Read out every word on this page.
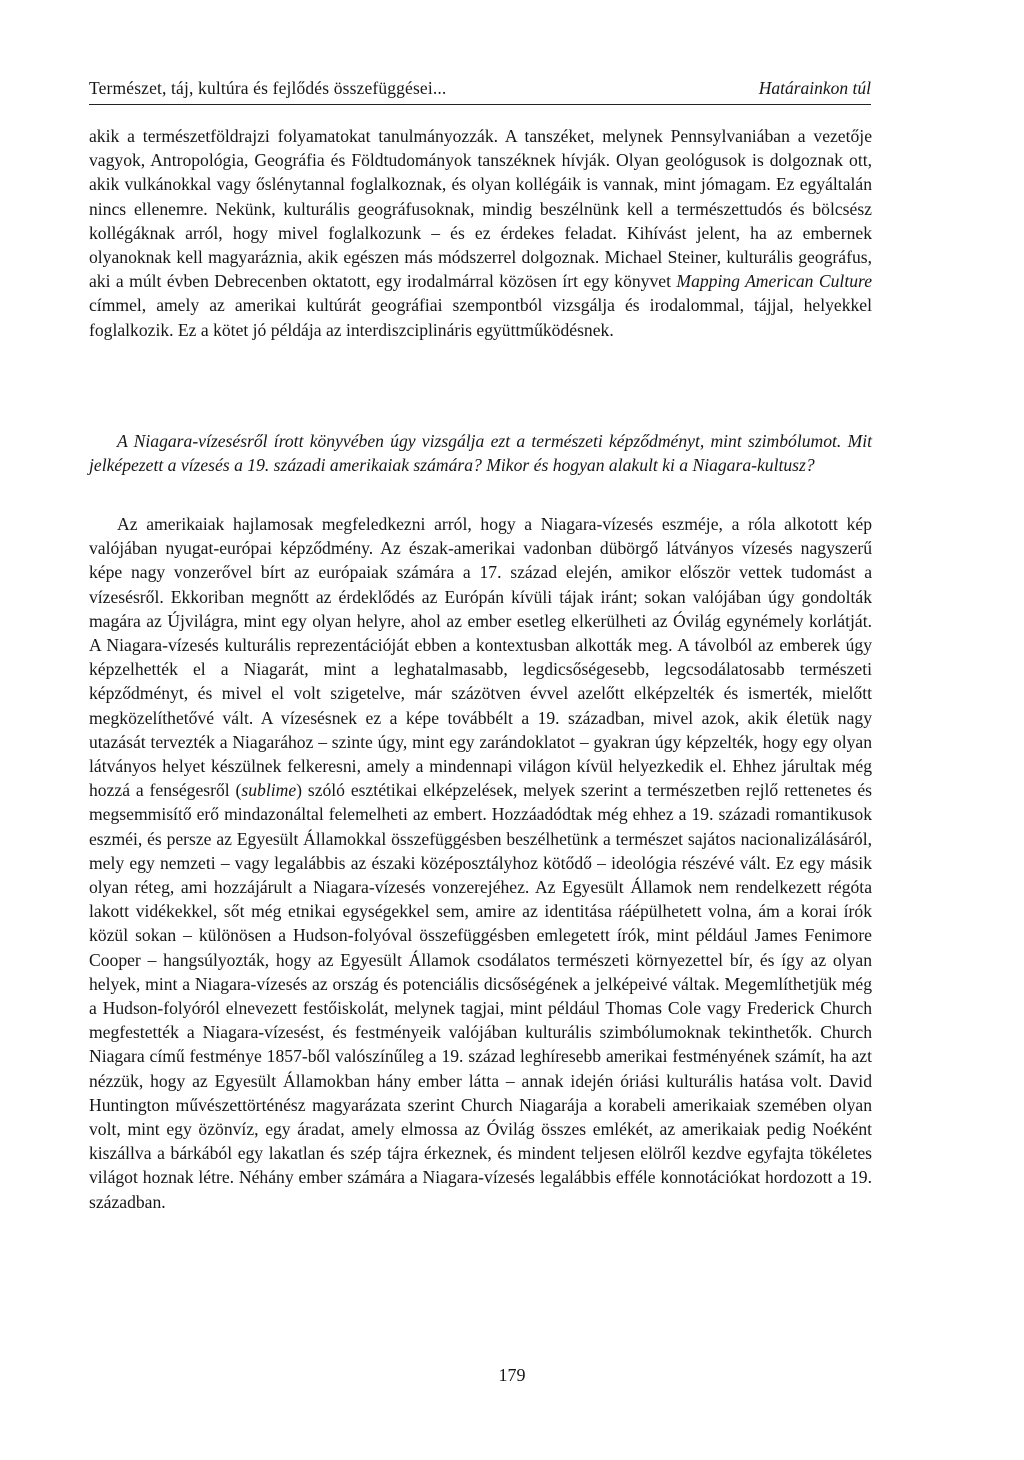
Természet, táj, kultúra és fejlődés összefüggései...	Határainkon túl

akik a természetföldrajzi folyamatokat tanulmányozzák. A tanszéket, melynek Pennsylvaniában a vezetője vagyok, Antropológia, Geográfia és Földtudományok tanszéknek hívják. Olyan geológusok is dolgoznak ott, akik vulkánokkal vagy őslénytannal foglalkoznak, és olyan kollégáik is vannak, mint jómagam. Ez egyáltalán nincs ellenemre. Nekünk, kulturális geográfusoknak, mindig beszélnünk kell a természettudós és bölcsész kollégáknak arról, hogy mivel foglalkozunk – és ez érdekes feladat. Kihívást jelent, ha az embernek olyanoknak kell magyaráznia, akik egészen más módszerrel dolgoznak. Michael Steiner, kulturális geográfus, aki a múlt évben Debrecenben oktatott, egy irodalmárral közösen írt egy könyvet Mapping American Culture címmel, amely az amerikai kultúrát geográfiai szempontból vizsgálja és irodalommal, tájjal, helyekkel foglalkozik. Ez a kötet jó példája az interdiszciplináris együttműködésnek.

A Niagara-vízesésről írott könyvében úgy vizsgálja ezt a természeti képződményt, mint szimbólumot. Mit jelképezett a vízesés a 19. századi amerikaiak számára? Mikor és hogyan alakult ki a Niagara-kultusz?

Az amerikaiak hajlamosak megfeledkezni arról, hogy a Niagara-vízesés eszméje, a róla alkotott kép valójában nyugat-európai képződmény. Az észak-amerikai vadonban dübörgő látványos vízesés nagyszerű képe nagy vonzerővel bírt az európaiak számára a 17. század elején, amikor először vettek tudomást a vízesésről. Ekkoriban megnőtt az érdeklődés az Európán kívüli tájak iránt; sokan valójában úgy gondolták magára az Újvilágra, mint egy olyan helyre, ahol az ember esetleg elkerülheti az Óvilág egynémely korlátját. A Niagara-vízesés kulturális reprezentációját ebben a kontextusban alkották meg. A távolból az emberek úgy képzelhették el a Niagarát, mint a leghatalmasabb, legdicsőségesebb, legcsodálatosabb természeti képződményt, és mivel el volt szigetelve, már százötven évvel azelőtt elképzelték és ismerték, mielőtt megközelíthetővé vált. A vízesésnek ez a képe továbbélt a 19. században, mivel azok, akik életük nagy utazását tervezték a Niagarához – szinte úgy, mint egy zarándoklatot – gyakran úgy képzelték, hogy egy olyan látványos helyet készülnek felkeresni, amely a mindennapi világon kívül helyezkedik el. Ehhez járultak még hozzá a fenségesről (sublime) szóló esztétikai elképzelések, melyek szerint a természetben rejlő rettenetes és megsemmisítő erő mindazonáltal felemelheti az embert. Hozzáadódtak még ehhez a 19. századi romantikusok eszméi, és persze az Egyesült Államokkal összefüggésben beszélhetünk a természet sajátos nacionalizálásáról, mely egy nemzeti – vagy legalábbis az északi középosztályhoz kötődő – ideológia részévé vált. Ez egy másik olyan réteg, ami hozzájárult a Niagara-vízesés vonzerejéhez. Az Egyesült Államok nem rendelkezett régóta lakott vidékekkel, sőt még etnikai egységekkel sem, amire az identitása ráépülhetett volna, ám a korai írók közül sokan – különösen a Hudson-folyóval összefüggésben emlegetett írók, mint például James Fenimore Cooper – hangsúlyozták, hogy az Egyesült Államok csodálatos természeti környezettel bír, és így az olyan helyek, mint a Niagara-vízesés az ország és potenciális dicsőségének a jelképeivé váltak. Megemlíthetjük még a Hudson-folyóról elnevezett festőiskolát, melynek tagjai, mint például Thomas Cole vagy Frederick Church megfestették a Niagara-vízesést, és festményeik valójában kulturális szimbólumoknak tekinthetők. Church Niagara című festménye 1857-ből valószínűleg a 19. század leghíresebb amerikai festményének számít, ha azt nézzük, hogy az Egyesült Államokban hány ember látta – annak idején óriási kulturális hatása volt. David Huntington művészettörténész magyarázata szerint Church Niagarája a korabeli amerikaiak szemében olyan volt, mint egy özönvíz, egy áradat, amely elmossa az Óvilág összes emlékét, az amerikaiak pedig Noéként kiszállva a bárkából egy lakatlan és szép tájra érkeznek, és mindent teljesen elölről kezdve egyfajta tökéletes világot hoznak létre. Néhány ember számára a Niagara-vízesés legalábbis efféle konnotációkat hordozott a 19. században.

179
